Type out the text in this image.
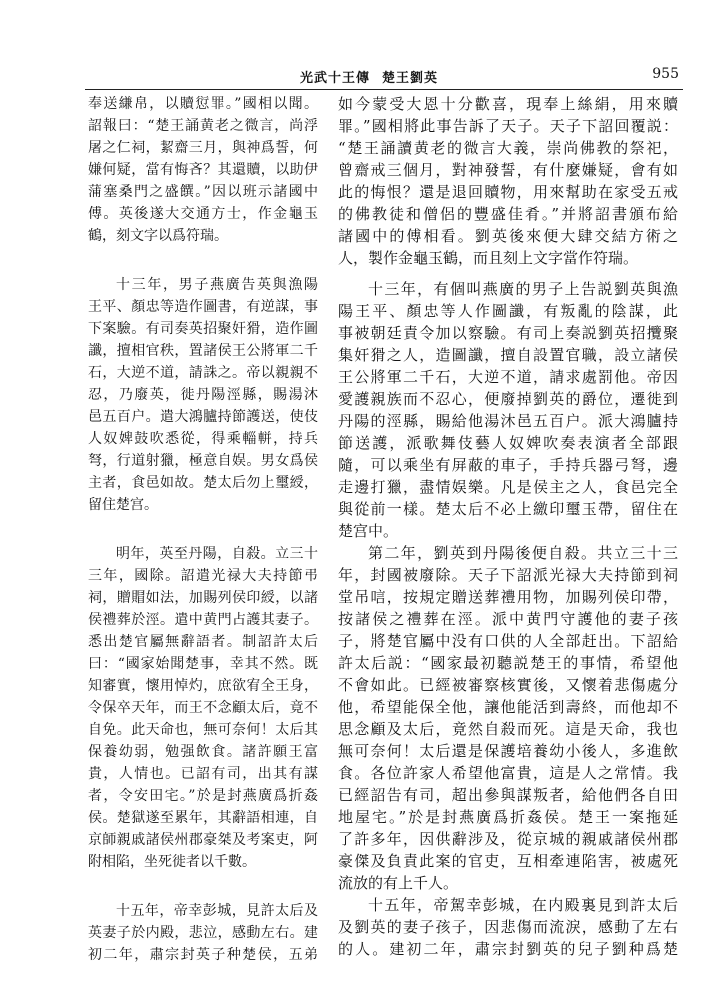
光武十王傳 楚王劉英	955
奉送縑帛，以贖愆罪。”國相以聞。
詔報曰：“楚王誦黄老之微言，尚浮
屠之仁祠，絜齋三月，與神爲誓，何
嫌何疑，當有悔吝？其還贖，以助伊
蒲塞桑門之盛饌。”因以班示諸國中
傅。英後遂大交通方士，作金龜玉
鶴，刻文字以爲符瑞。
十三年，男子燕廣告英與漁陽
王平、顏忠等造作圖書，有逆謀，事
下案驗。有司奏英招聚奸猾，造作圖
讖，擅相官秩，置諸侯王公將軍二千
石，大逆不道，請誅之。帝以親親不
忍，乃廢英，徙丹陽涇縣，賜湯沐
邑五百户。遣大鴻臚持節護送，使伎
人奴婢鼓吹悉從，得乘輜軿，持兵
弩，行道射獵，極意自娱。男女爲侯
主者，食邑如故。楚太后勿上璽綬，
留住楚宫。
明年，英至丹陽，自殺。立三十
三年，國除。詔遣光禄大夫持節弔
祠，贈賵如法，加賜列侯印綬，以諸
侯禮葬於涇。遣中黄門占護其妻子。
悉出楚官屬無辭語者。制詔許太后
曰：“國家始聞楚事，幸其不然。既
知審實，懷用悼灼，庶欲宥全王身，
令保卒天年，而王不念顧太后，竟不
自免。此天命也，無可奈何！太后其
保養幼弱，勉强飲食。諸許願王富
貴，人情也。已詔有司，出其有謀
者，令安田宅。”於是封燕廣爲折姦
侯。楚獄遂至累年，其辭語相連，自
京師親戚諸侯州郡豪桀及考案吏，阿
附相陷，坐死徙者以千數。
十五年，帝幸彭城，見許太后及
英妻子於内殿，悲泣，感動左右。建
初二年，肅宗封英子种楚侯，五弟
如今蒙受大恩十分歡喜，現奉上絲絹，用來贖
罪。”國相將此事告訴了天子。天子下詔回覆説：
“楚王誦讀黄老的微言大義，崇尚佛教的祭祀，
曾齋戒三個月，對神發誓，有什麼嫌疑，會有如
此的悔恨？還是退回贖物，用來幫助在家受五戒
的佛教徒和僧侶的豐盛佳肴。”并將詔書頒布給
諸國中的傅相看。劉英後來便大肆交結方術之
人，製作金龜玉鶴，而且刻上文字當作符瑞。
十三年，有個叫燕廣的男子上告説劉英與漁
陽王平、顏忠等人作圖讖，有叛亂的陰謀，此
事被朝廷責令加以察驗。有司上奏説劉英招攬聚
集奸猾之人，造圖讖，擅自設置官職，設立諸侯
王公將軍二千石，大逆不道，請求處罰他。帝因
愛護親族而不忍心，便廢掉劉英的爵位，遷徙到
丹陽的涇縣，賜給他湯沐邑五百户。派大鴻臚持
節送護，派歌舞伎藝人奴婢吹奏表演者全部跟
隨，可以乘坐有屏蔽的車子，手持兵器弓弩，邊
走邊打獵，盡情娱樂。凡是侯主之人，食邑完全
與從前一樣。楚太后不必上繳印璽玉帶，留住在
楚宫中。
第二年，劉英到丹陽後便自殺。共立三十三
年，封國被廢除。天子下詔派光禄大夫持節到祠
堂吊唁，按規定贈送葬禮用物，加賜列侯印帶，
按諸侯之禮葬在涇。派中黄門守護他的妻子孩
子，將楚官屬中没有口供的人全部赶出。下詔給
許太后説：“國家最初聽説楚王的事情，希望他
不會如此。已經被審察核實後，又懷着悲傷處分
他，希望能保全他，讓他能活到壽終，而他却不
思念顧及太后，竟然自殺而死。這是天命，我也
無可奈何！太后還是保護培養幼小後人，多進飲
食。各位許家人希望他富貴，這是人之常情。我
已經詔告有司，超出參與謀叛者，給他們各自田
地屋宅。”於是封燕廣爲折姦侯。楚王一案拖延
了許多年，因供辭涉及，從京城的親戚諸侯州郡
豪傑及負責此案的官吏，互相牽連陷害，被處死
流放的有上千人。
十五年，帝駕幸彭城，在内殿裏見到許太后
及劉英的妻子孩子，因悲傷而流淚，感動了左右
的人。建初二年，肅宗封劉英的兒子劉种爲楚
